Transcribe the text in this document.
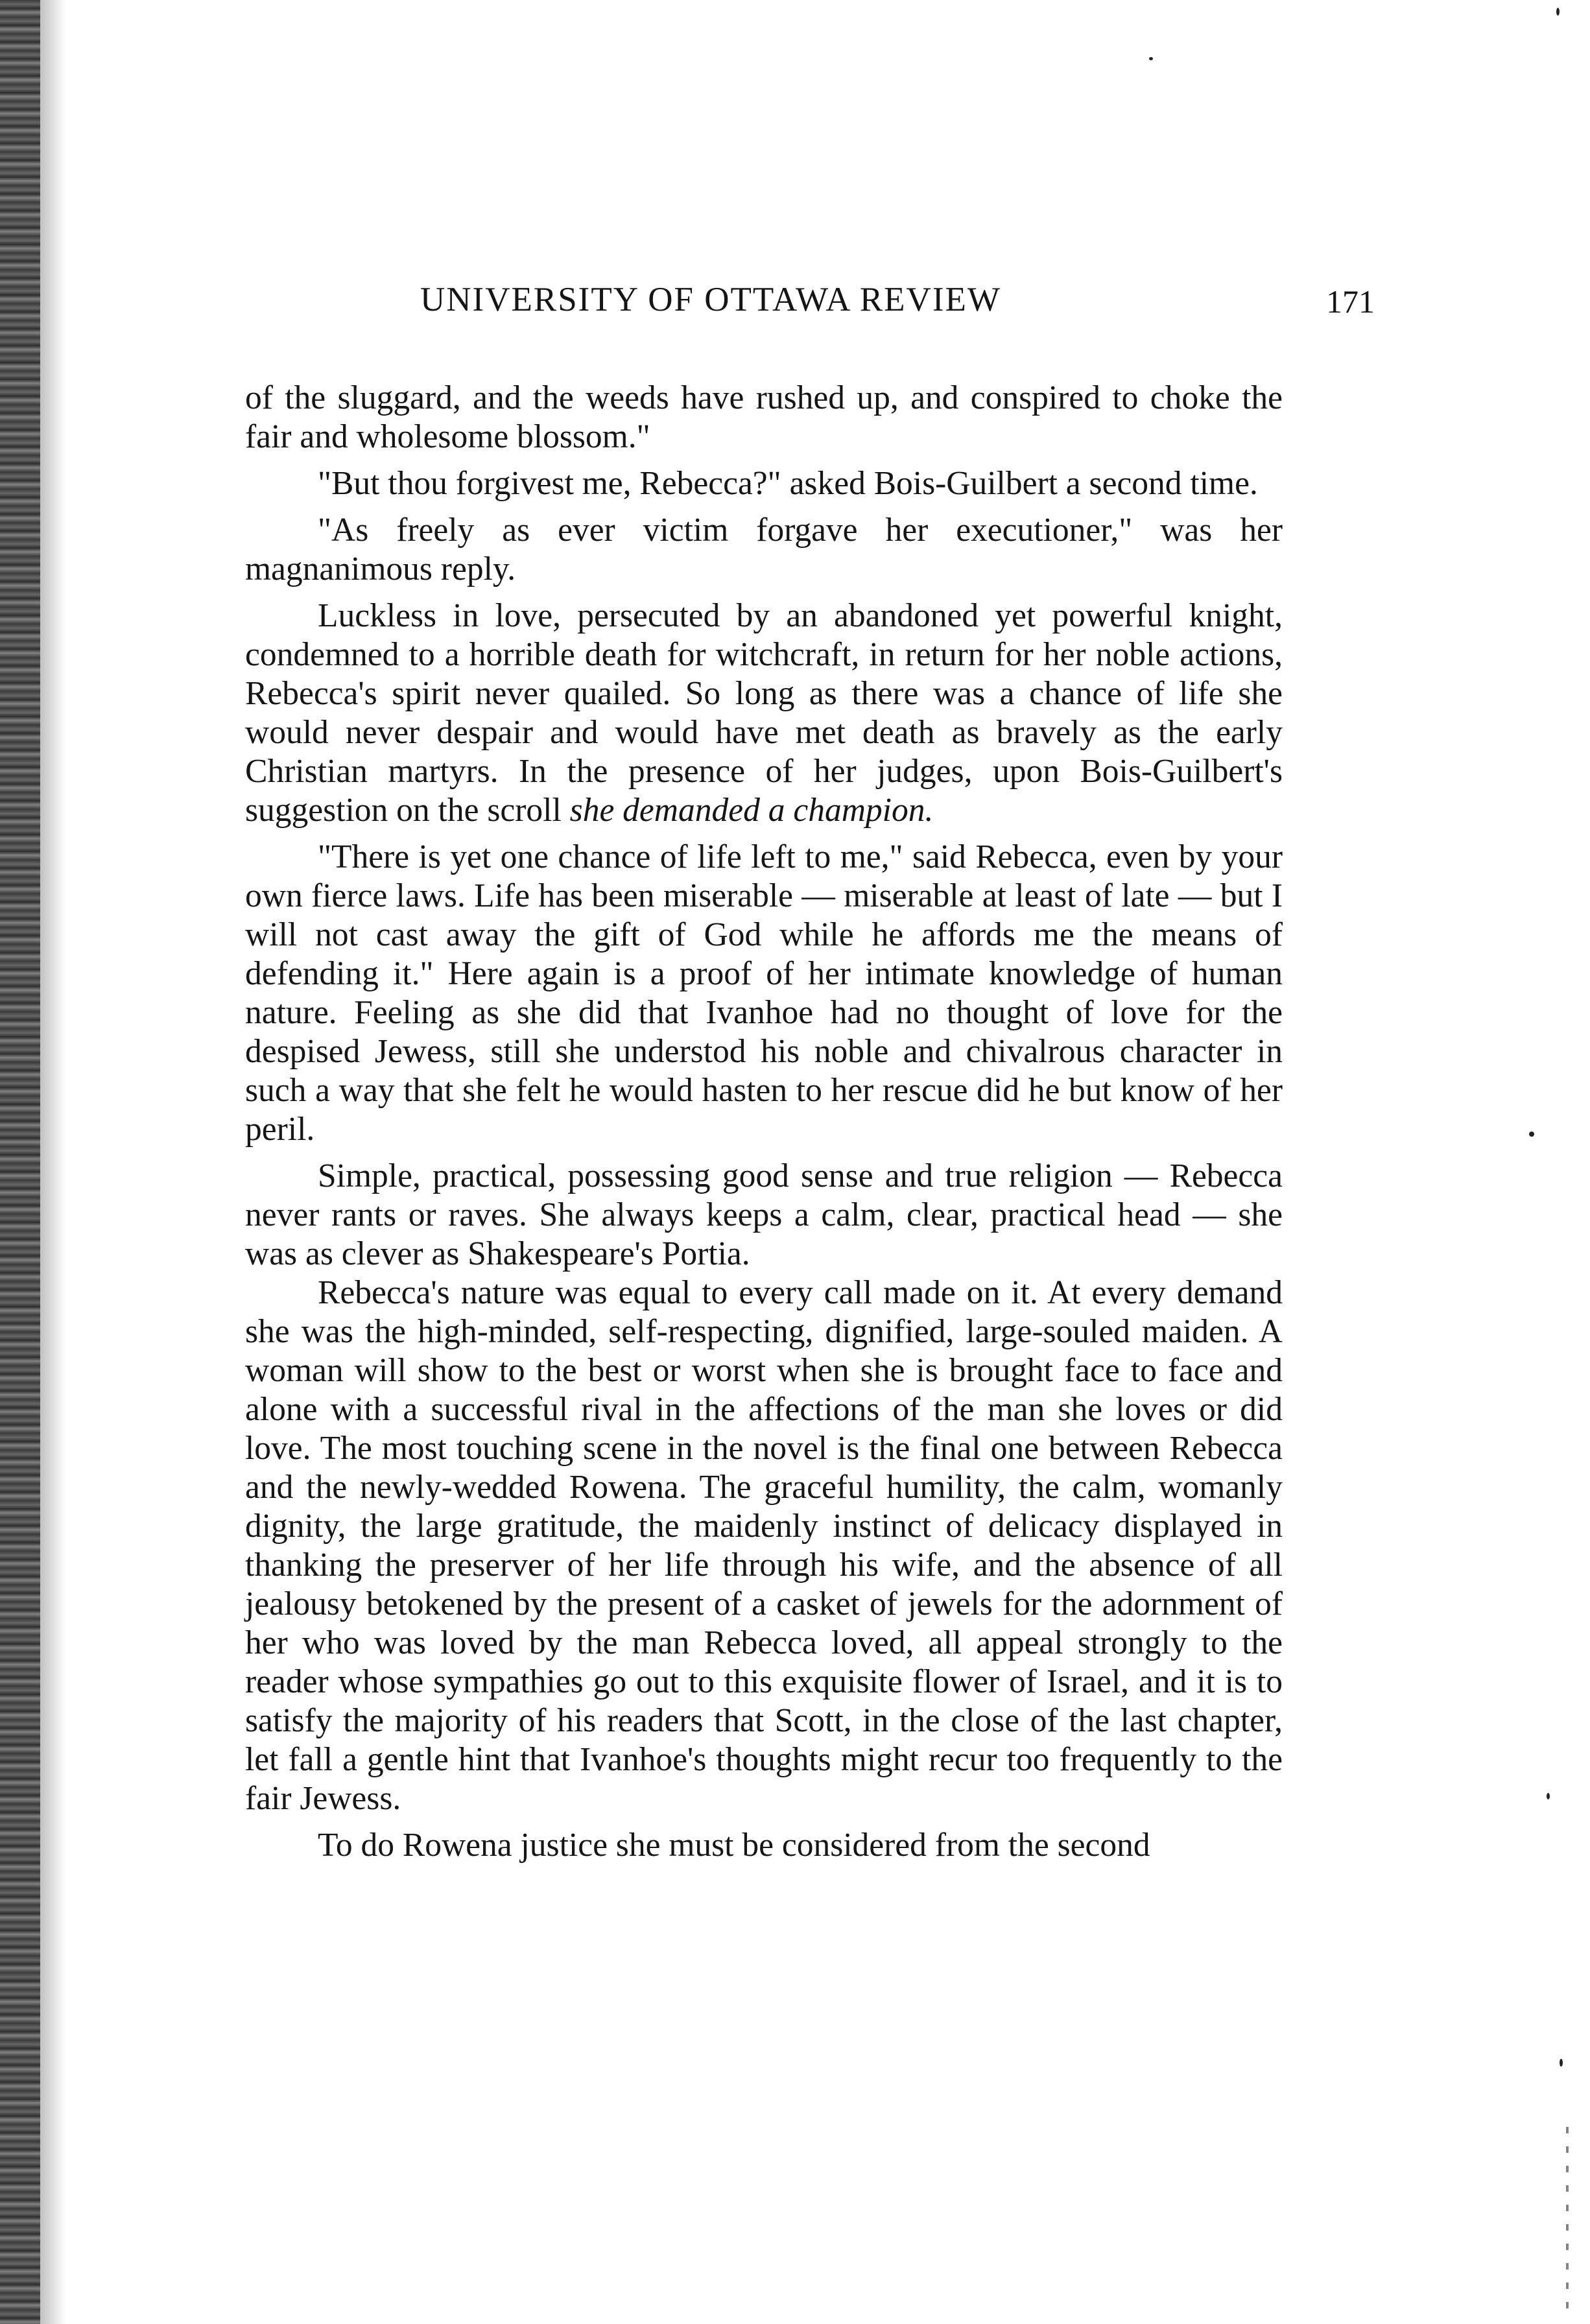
UNIVERSITY OF OTTAWA REVIEW	171

of the sluggard, and the weeds have rushed up, and conspired to choke the fair and wholesome blossom."

"But thou forgivest me, Rebecca?" asked Bois-Guilbert a second time.

"As freely as ever victim forgave her executioner," was her magnanimous reply.

Luckless in love, persecuted by an abandoned yet powerful knight, condemned to a horrible death for witchcraft, in return for her noble actions, Rebecca's spirit never quailed. So long as there was a chance of life she would never despair and would have met death as bravely as the early Christian martyrs. In the presence of her judges, upon Bois-Guilbert's suggestion on the scroll she demanded a champion.

"There is yet one chance of life left to me," said Rebecca, even by your own fierce laws. Life has been miserable — miserable at least of late — but I will not cast away the gift of God while he affords me the means of defending it." Here again is a proof of her intimate knowledge of human nature. Feeling as she did that Ivanhoe had no thought of love for the despised Jewess, still she understod his noble and chivalrous character in such a way that she felt he would hasten to her rescue did he but know of her peril.

Simple, practical, possessing good sense and true religion — Rebecca never rants or raves. She always keeps a calm, clear, practical head — she was as clever as Shakespeare's Portia.

Rebecca's nature was equal to every call made on it. At every demand she was the high-minded, self-respecting, dignified, large-souled maiden. A woman will show to the best or worst when she is brought face to face and alone with a successful rival in the affections of the man she loves or did love. The most touching scene in the novel is the final one between Rebecca and the newly-wedded Rowena. The graceful humility, the calm, womanly dignity, the large gratitude, the maidenly instinct of delicacy displayed in thanking the preserver of her life through his wife, and the absence of all jealousy betokened by the present of a casket of jewels for the adornment of her who was loved by the man Rebecca loved, all appeal strongly to the reader whose sympathies go out to this exquisite flower of Israel, and it is to satisfy the majority of his readers that Scott, in the close of the last chapter, let fall a gentle hint that Ivanhoe's thoughts might recur too frequently to the fair Jewess.

To do Rowena justice she must be considered from the second
